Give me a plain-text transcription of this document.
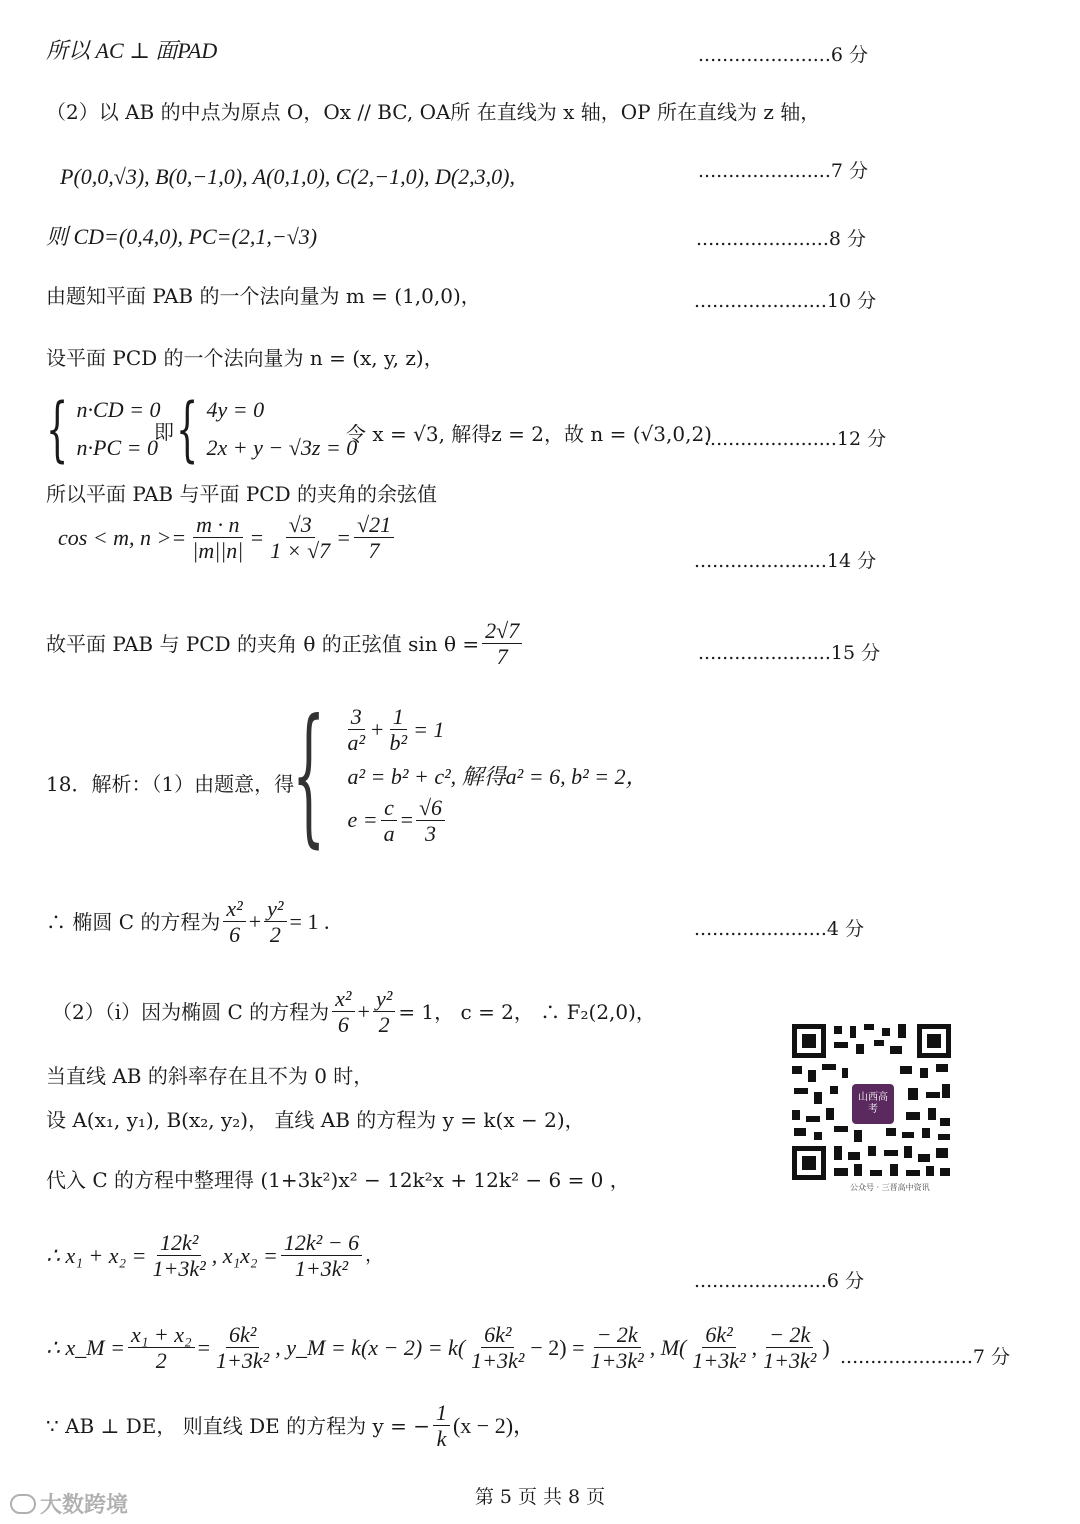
所以 AC ⊥ 面PAD	......................6 分
（2）以 AB 的中点为原点 O，Ox // BC, OA所 在直线为 x 轴，OP 所在直线为 z 轴，
P(0,0,√3), B(0,−1,0), A(0,1,0), C(2,−1,0), D(2,3,0),	......................7 分
则 CD=(0,4,0), PC=(2,1,−√3)	......................8 分
由题知平面 PAB 的一个法向量为 m = (1,0,0)，	......................10 分
设平面 PCD 的一个法向量为 n = (x, y, z)，
{ n·CD = 0
n·PC = 0
即 { 4y = 0
2x + y − √3z = 0
令 x = √3, 解得z = 2，故 n = (√3,0,2)
......................12 分
所以平面 PAB 与平面 PCD 的夹角的余弦值
cos < m, $n >= \frac{m \cdot n}{|m||n|} = \frac{√3}{1 \times √7} = \frac{√21}{7}$	......................14 分
故平面 PAB 与 PCD 的夹角 θ 的正弦值 $\sin \theta = \frac{2√7}{7}$	......................15 分
18．解析：（1）由题意，得
{ $\frac{3}{\text{a²}} + \frac{1}{\text{b²}} = 1$
a² = b² + c², 解得a² = 6, b² = 2，
$e = \frac{c}{a} = \frac{√6}{3}$
∴ 椭圆 C 的方程为 $\frac{\text{x²}}{6} + \frac{\text{y²}}{2} = 1$ .	......................4 分
（2）（i）因为椭圆 C 的方程为 $\frac{\text{x²}}{6} + \frac{\text{y²}}{2} = 1$， c = 2， ∴ F₂(2,0)，
当直线 AB 的斜率存在且不为 0 时，
设 A(x₁, y₁), B(x₂, y₂)， 直线 AB 的方程为 y = k(x − 2)，
代入 C 的方程中整理得 (1+3k²)x² − 12k²x + 12k² − 6 = 0 ，
∴ $x_1 + x_2 = \frac{\text{12k²}}{\text{1+3k²}}$ , $x_1x_2 = \frac{\text{12k² − 6}}{\text{1+3k²}}$ ，
......................6 分
∴ x_M = $\frac{\text{x₁ + x₂}}{2} = \frac{\text{6k²}}{\text{1+3k²}}$ , y_M = $k(x - 2) = k( \frac{\text{6k²}}{\text{1+3k²}} - 2) = \frac{- 2k}{\text{1+3k²}}$ , $M( \frac{\text{6k²}}{\text{1+3k²}}$ , $\frac{- 2k}{\text{1+3k²}}$ ) ......................7 分
∵ AB ⊥ DE， 则直线 DE 的方程为 y = − $\frac{1}{k} (x - 2)$，
山西高考
公众号 · 三晋高中资讯
第 5 页 共 8 页
大数跨境
